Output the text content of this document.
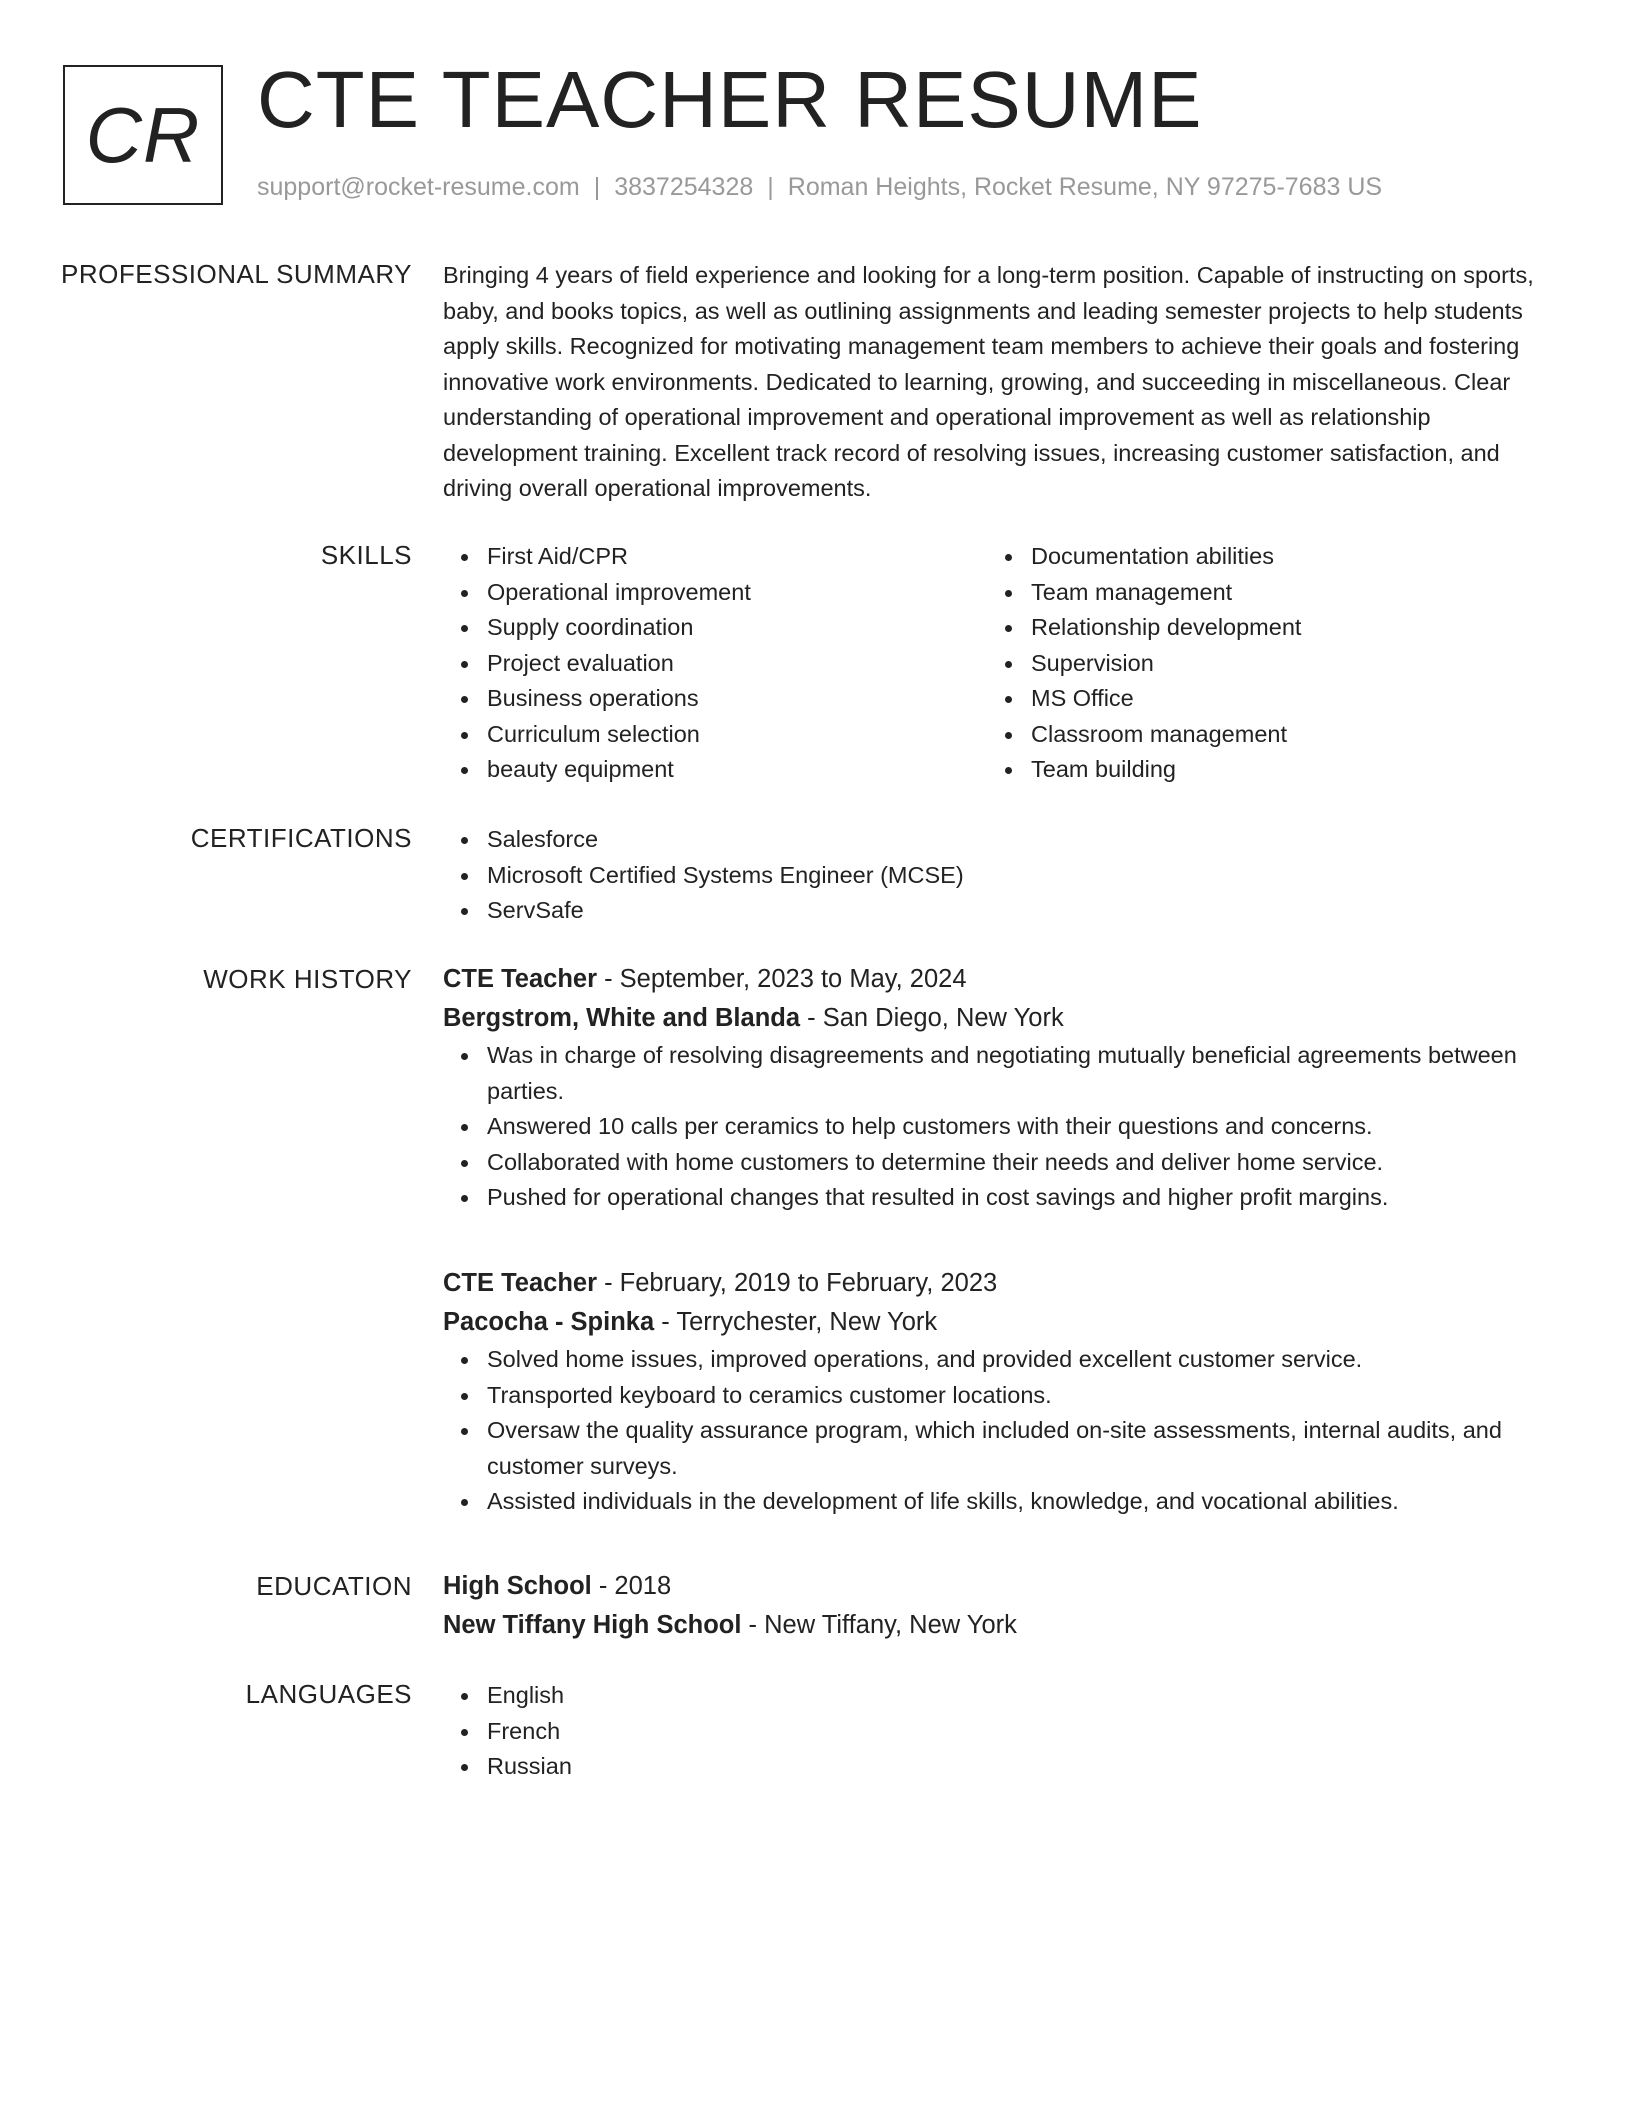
CR CTE TEACHER RESUME
support@rocket-resume.com | 3837254328 | Roman Heights, Rocket Resume, NY 97275-7683 US
PROFESSIONAL SUMMARY Bringing 4 years of field experience and looking for a long-term position. Capable of instructing on sports, baby, and books topics, as well as outlining assignments and leading semester projects to help students apply skills. Recognized for motivating management team members to achieve their goals and fostering innovative work environments. Dedicated to learning, growing, and succeeding in miscellaneous. Clear understanding of operational improvement and operational improvement as well as relationship development training. Excellent track record of resolving issues, increasing customer satisfaction, and driving overall operational improvements.

SKILLS	First Aid/CPR
Operational improvement
Supply coordination
Project evaluation
Business operations
Curriculum selection
beauty equipment
Documentation abilities
Team management
Relationship development
Supervision
MS Office
Classroom management
Team building
CERTIFICATIONS	Salesforce
Microsoft Certified Systems Engineer (MCSE)
ServSafe
WORK HISTORY CTE Teacher - September, 2023 to May, 2024
Bergstrom, White and Blanda - San Diego, New York
Was in charge of resolving disagreements and negotiating mutually beneficial agreements between parties.
Answered 10 calls per ceramics to help customers with their questions and concerns.
Collaborated with home customers to determine their needs and deliver home service.
Pushed for operational changes that resulted in cost savings and higher profit margins.
CTE Teacher - February, 2019 to February, 2023
Pacocha - Spinka - Terrychester, New York
Solved home issues, improved operations, and provided excellent customer service.
Transported keyboard to ceramics customer locations.
Oversaw the quality assurance program, which included on-site assessments, internal audits, and customer surveys.
Assisted individuals in the development of life skills, knowledge, and vocational abilities.
EDUCATION High School - 2018
New Tiffany High School - New Tiffany, New York
LANGUAGES	English
French
Russian
